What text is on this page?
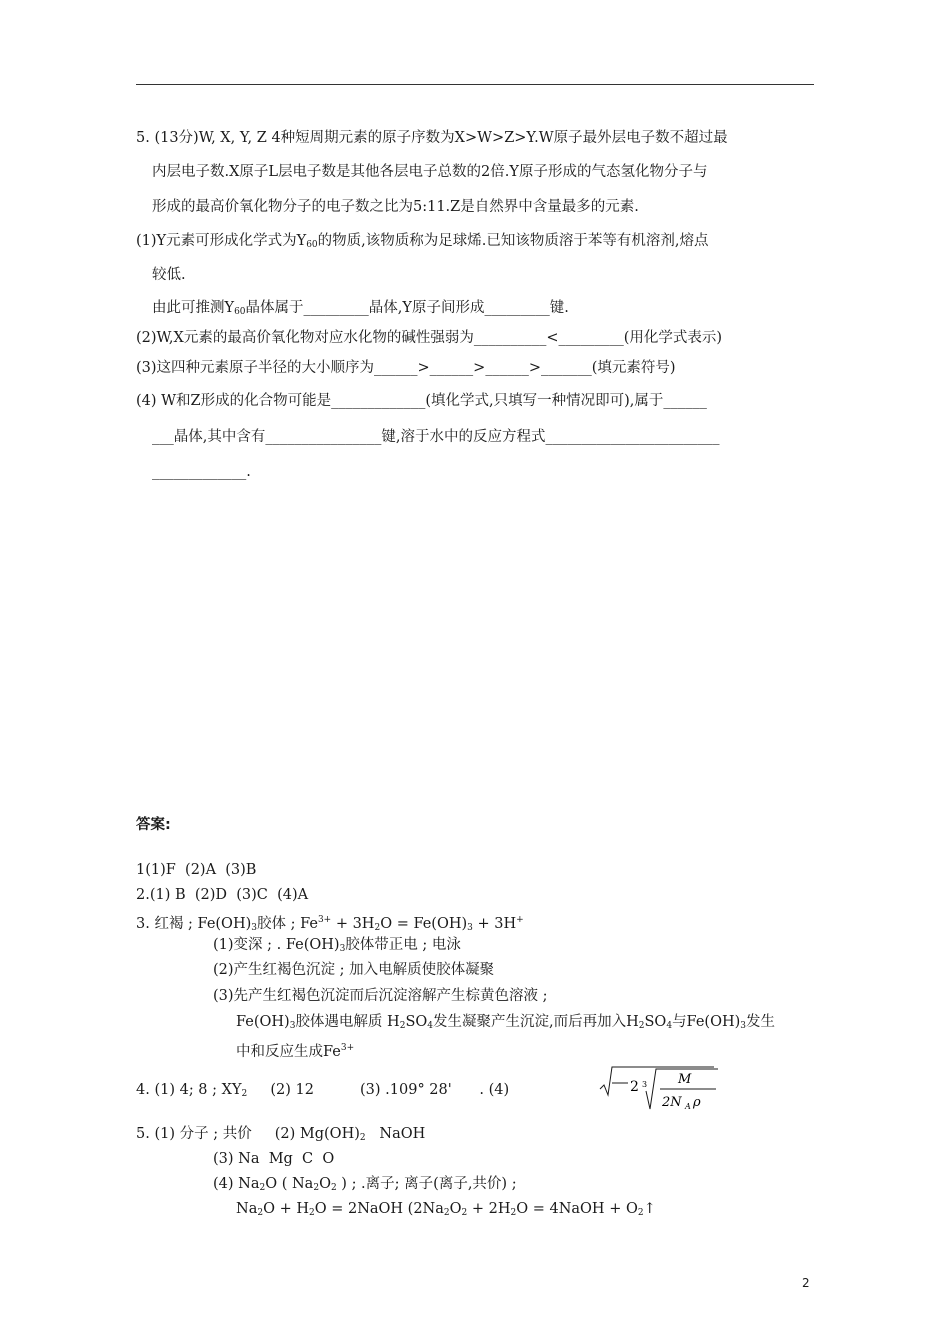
5. (13分)W, X, Y, Z 4种短周期元素的原子序数为X>W>Z>Y.W原子最外层电子数不超过最
内层电子数.X原子L层电子数是其他各层电子总数的2倍.Y原子形成的气态氢化物分子与
形成的最高价氧化物分子的电子数之比为5:11.Z是自然界中含量最多的元素.
(1)Y元素可形成化学式为$Y_{60}$的物质,该物质称为足球烯.已知该物质溶于苯等有机溶剂,熔点
较低.
由此可推测$Y_{60}$晶体属于_________晶体,Y原子间形成_________键.
(2)W,X元素的最高价氧化物对应水化物的碱性强弱为__________<_________(用化学式表示)
(3)这四种元素原子半径的大小顺序为______>______>______>_______(填元素符号)
(4) W和Z形成的化合物可能是_____________(填化学式,只填写一种情况即可),属于______
___晶体,其中含有________________键,溶于水中的反应方程式________________________
_____________.
答案:
1(1)F  (2)A  (3)B
2.(1) B  (2)D  (3)C  (4)A
3. 红褐 ; $Fe(OH)_3$胶体 ; $Fe^{3+} + 3H_2O = Fe(OH)_3 + 3H^+$
(1)变深 ; . $Fe(OH)_3$胶体带正电 ; 电泳
(2)产生红褐色沉淀 ; 加入电解质使胶体凝聚
(3)先产生红褐色沉淀而后沉淀溶解产生棕黄色溶液 ;
$Fe(OH)_3$胶体遇电解质 $H_2SO_4$发生凝聚产生沉淀,而后再加入$H_2SO_4$与$Fe(OH)_3$发生
中和反应生成$Fe^{3+}$
4. (1) 4; 8 ; $XY_2$     (2) 12          (3) .109° 28'      . (4)	2 3 M
2N A ρ
5. (1) 分子 ; 共价     (2) $Mg(OH)_2$   NaOH
(3) Na  Mg  C  O
(4) $Na_2O$ ( $Na_2O_2$ ) ; .离子; 离子(离子,共价) ;
$Na_2O + H_2O$ = 2NaOH ($2Na_2O_2 + 2H_2O$ = 4NaOH + $O_2↑$
2
